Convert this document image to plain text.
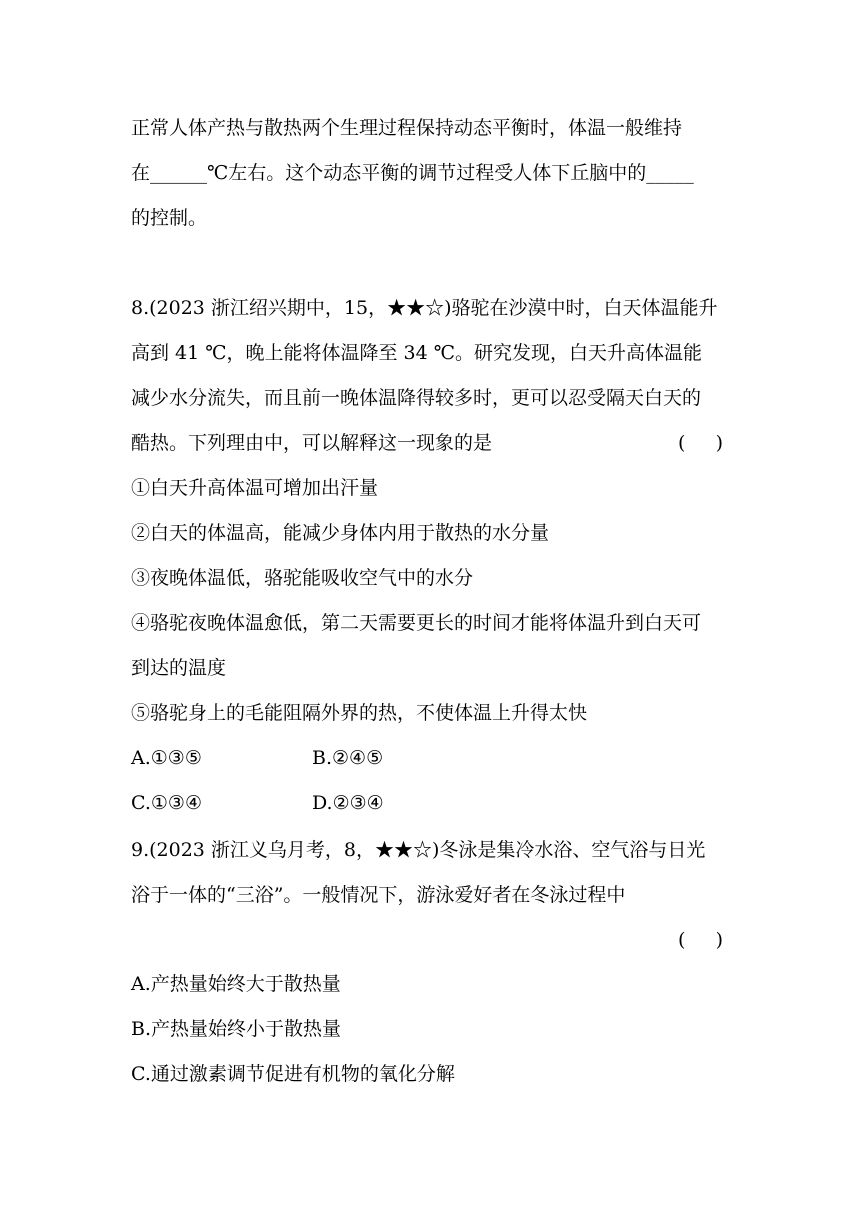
正常人体产热与散热两个生理过程保持动态平衡时，体温一般维持
在______℃左右。这个动态平衡的调节过程受人体下丘脑中的_____
的控制。
8.(2023 浙江绍兴期中，15，★★☆)骆驼在沙漠中时，白天体温能升
高到 41 ℃，晚上能将体温降至 34 ℃。研究发现，白天升高体温能
减少水分流失，而且前一晚体温降得较多时，更可以忍受隔天白天的
酷热。下列理由中，可以解释这一现象的是	(     )
①白天升高体温可增加出汗量
②白天的体温高，能减少身体内用于散热的水分量
③夜晚体温低，骆驼能吸收空气中的水分
④骆驼夜晚体温愈低，第二天需要更长的时间才能将体温升到白天可
到达的温度
⑤骆驼身上的毛能阻隔外界的热，不使体温上升得太快
A.①③⑤	B.②④⑤
C.①③④	D.②③④
9.(2023 浙江义乌月考，8，★★☆)冬泳是集冷水浴、空气浴与日光
浴于一体的“三浴”。一般情况下，游泳爱好者在冬泳过程中
(     )
A.产热量始终大于散热量
B.产热量始终小于散热量
C.通过激素调节促进有机物的氧化分解
